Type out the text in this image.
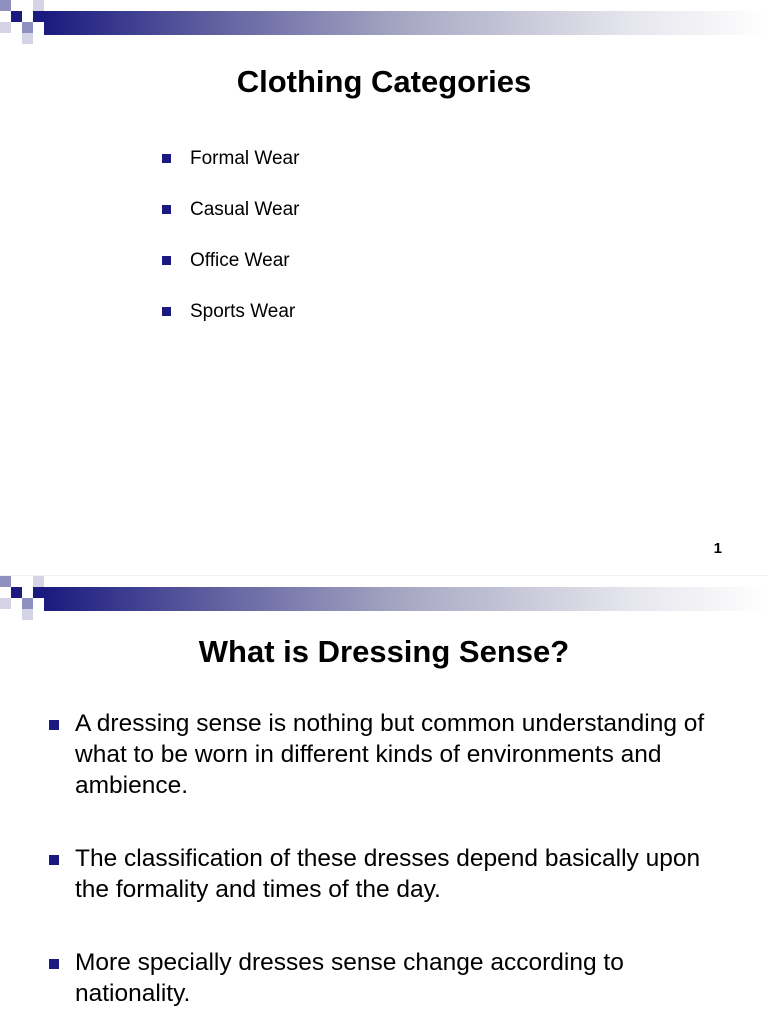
Clothing Categories
Formal Wear
Casual Wear
Office Wear
Sports Wear
1
What is Dressing Sense?
A dressing sense is nothing but common understanding of what to be worn in different kinds of environments and ambience.
The classification of these dresses depend basically upon the formality and times of the day.
More specially dresses sense change according to nationality.
